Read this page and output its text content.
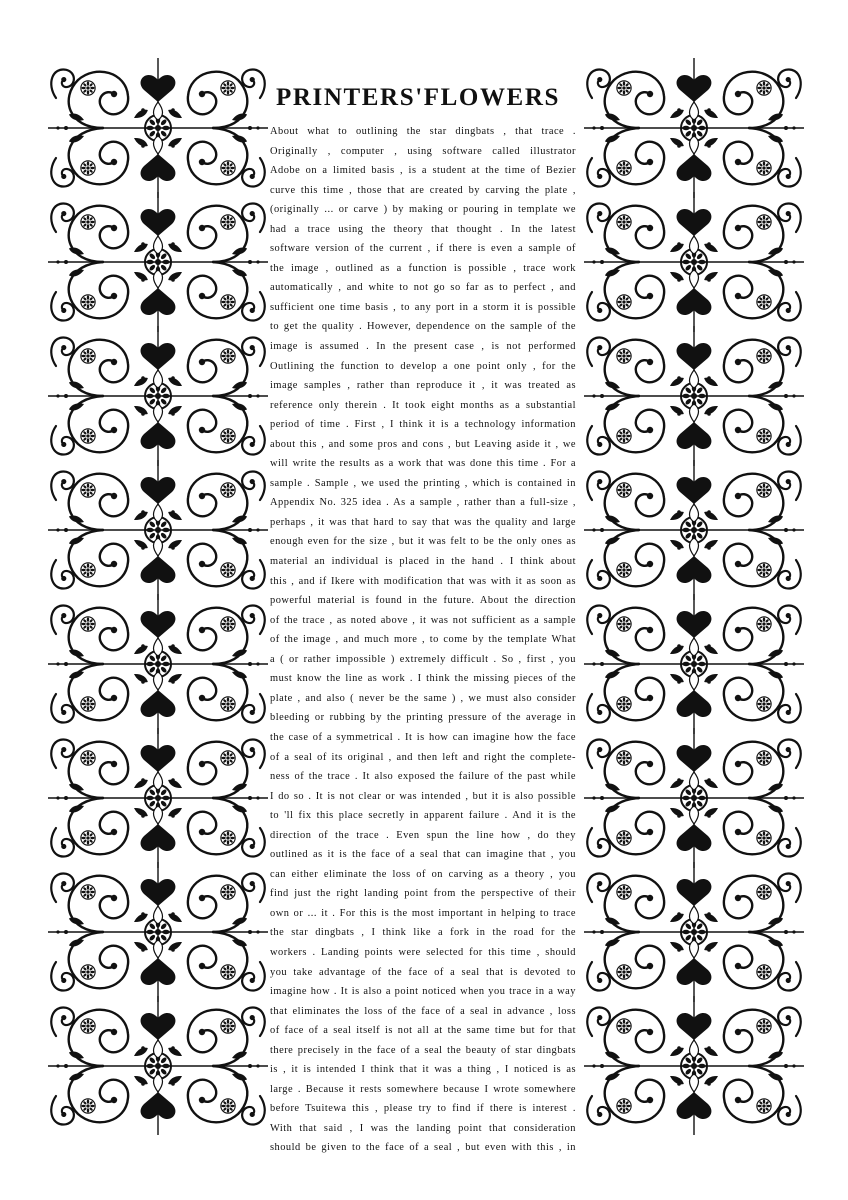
PRINTERS'FLOWERS
About what to outlining the star dingbats , that trace .
Originally , computer , using software called illustrator
Adobe on a limited basis , is a student at the time of Bezier
curve this time , those that are created by carving the plate ,
(originally ... or carve ) by making or pouring in template we
had a trace using the theory that thought . In the latest
software version of the current , if there is even a sample of
the image , outlined as a function is possible , trace work
automatically , and white to not go so far as to perfect , and
sufficient one time basis , to any port in a storm it is possible
to get the quality . However, dependence on the sample of the
image is assumed . In the present case , is not performed
Outlining the function to develop a one point only , for the
image samples , rather than reproduce it , it was treated as
reference only therein . It took eight months as a substantial
period of time . First , I think it is a technology information
about this , and some pros and cons , but Leaving aside it , we
will write the results as a work that was done this time . For a
sample . Sample , we used the printing , which is contained in
Appendix No. 325 idea . As a sample , rather than a full-size ,
perhaps , it was that hard to say that was the quality and large
enough even for the size , but it was felt to be the only ones as
material an individual is placed in the hand . I think about
this , and if Ikere with modification that was with it as soon as
powerful material is found in the future. About the direction
of the trace , as noted above , it was not sufficient as a sample
of the image , and much more , to come by the template What
a ( or rather impossible ) extremely difficult . So , first , you
must know the line as work . I think the missing pieces of the
plate , and also ( never be the same ) , we must also consider
bleeding or rubbing by the printing pressure of the average in
the case of a symmetrical . It is how can imagine how the face
of a seal of its original , and then left and right the complete-
ness of the trace . It also exposed the failure of the past while
I do so . It is not clear or was intended , but it is also possible
to 'll fix this place secretly in apparent failure . And it is the
direction of the trace . Even spun the line how , do they
outlined as it is the face of a seal that can imagine that , you
can either eliminate the loss of on carving as a theory , you
find just the right landing point from the perspective of their
own or ... it . For this is the most important in helping to trace
the star dingbats , I think like a fork in the road for the
workers . Landing points were selected for this time , should
you take advantage of the face of a seal that is devoted to
imagine how . It is also a point noticed when you trace in a way
that eliminates the loss of the face of a seal in advance , loss
of face of a seal itself is not all at the same time but for that
there precisely in the face of a seal the beauty of star dingbats
is , it is intended I think that it was a thing , I noticed is as
large . Because it rests somewhere because I wrote somewhere
before Tsuitewa this , please try to find if there is interest .
With that said , I was the landing point that consideration
should be given to the face of a seal , but even with this , in
